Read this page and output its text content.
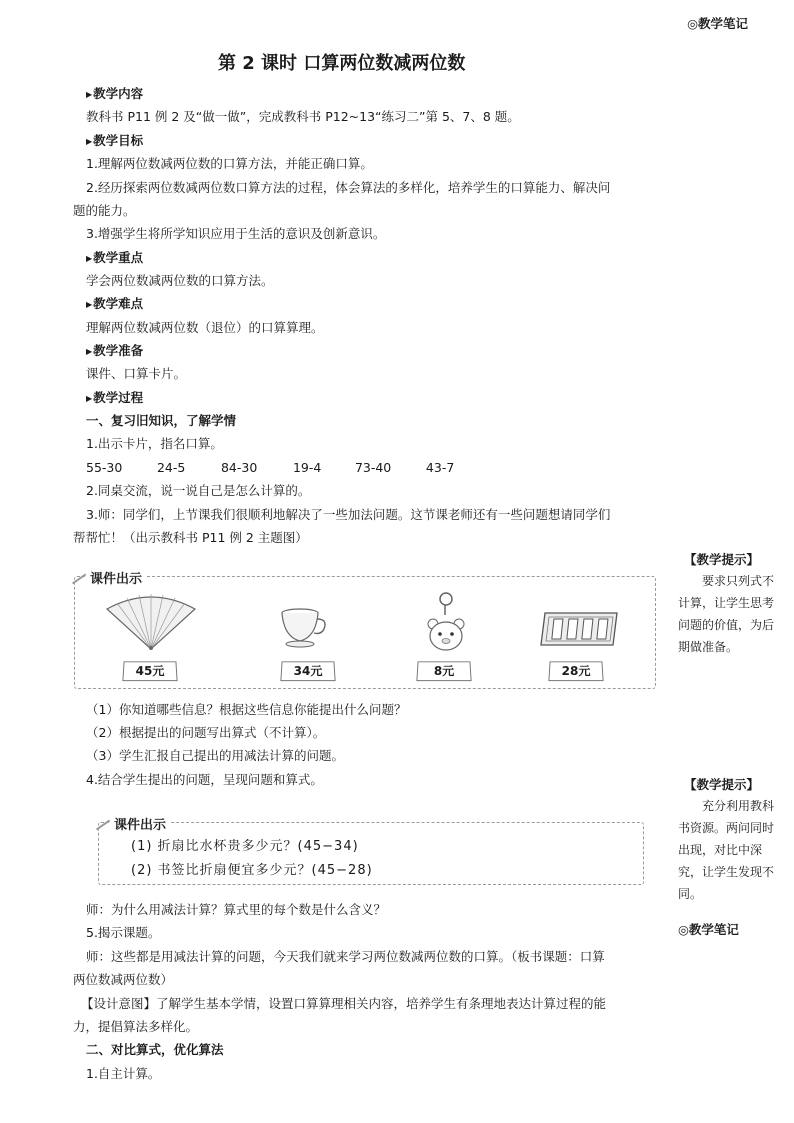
◎教学笔记
第 2 课时 口算两位数减两位数
▶ 教学内容
教科书 P11 例 2 及“做一做”，完成教科书 P12~13“练习二”第 5、7、8 题。
▶ 教学目标
1.理解两位数减两位数的口算方法，并能正确口算。
2.经历探索两位数减两位数口算方法的过程，体会算法的多样化，培养学生的口算能力、解决问
题的能力。
3.增强学生将所学知识应用于生活的意识及创新意识。
▶ 教学重点
学会两位数减两位数的口算方法。
▶ 教学难点
理解两位数减两位数（退位）的口算算理。
▶ 教学准备
课件、口算卡片。
▶ 教学过程
一、复习旧知识，了解学情
1.出示卡片，指名口算。
55-30	24-5	84-30	19-4	73-40	43-7
2.同桌交流，说一说自己是怎么计算的。
3.师：同学们，上节课我们很顺利地解决了一些加法问题。这节课老师还有一些问题想请同学们
帮帮忙！（出示教科书 P11 例 2 主题图）
（1）你知道哪些信息？根据这些信息你能提出什么问题？
（2）根据提出的问题写出算式（不计算）。
（3）学生汇报自己提出的用减法计算的问题。
4.结合学生提出的问题，呈现问题和算式。
师：为什么用减法计算？算式里的每个数是什么含义？
5.揭示课题。
师：这些都是用减法计算的问题，今天我们就来学习两位数减两位数的口算。（板书课题：口算
两位数减两位数）
【设计意图】了解学生基本学情，设置口算算理相关内容，培养学生有条理地表达计算过程的能
力，提倡算法多样化。
二、对比算式，优化算法
1.自主计算。
课件出示
45元	34元	8元	28元
课件出示
(1) 折扇比水杯贵多少元？(45−34)
(2) 书签比折扇便宜多少元？(45−28)
【教学提示】
要求只列式不计算，让学生思考问题的价值，为后期做准备。
【教学提示】
充分利用教科书资源。两问同时出现，对比中深究，让学生发现不同。
◎教学笔记
